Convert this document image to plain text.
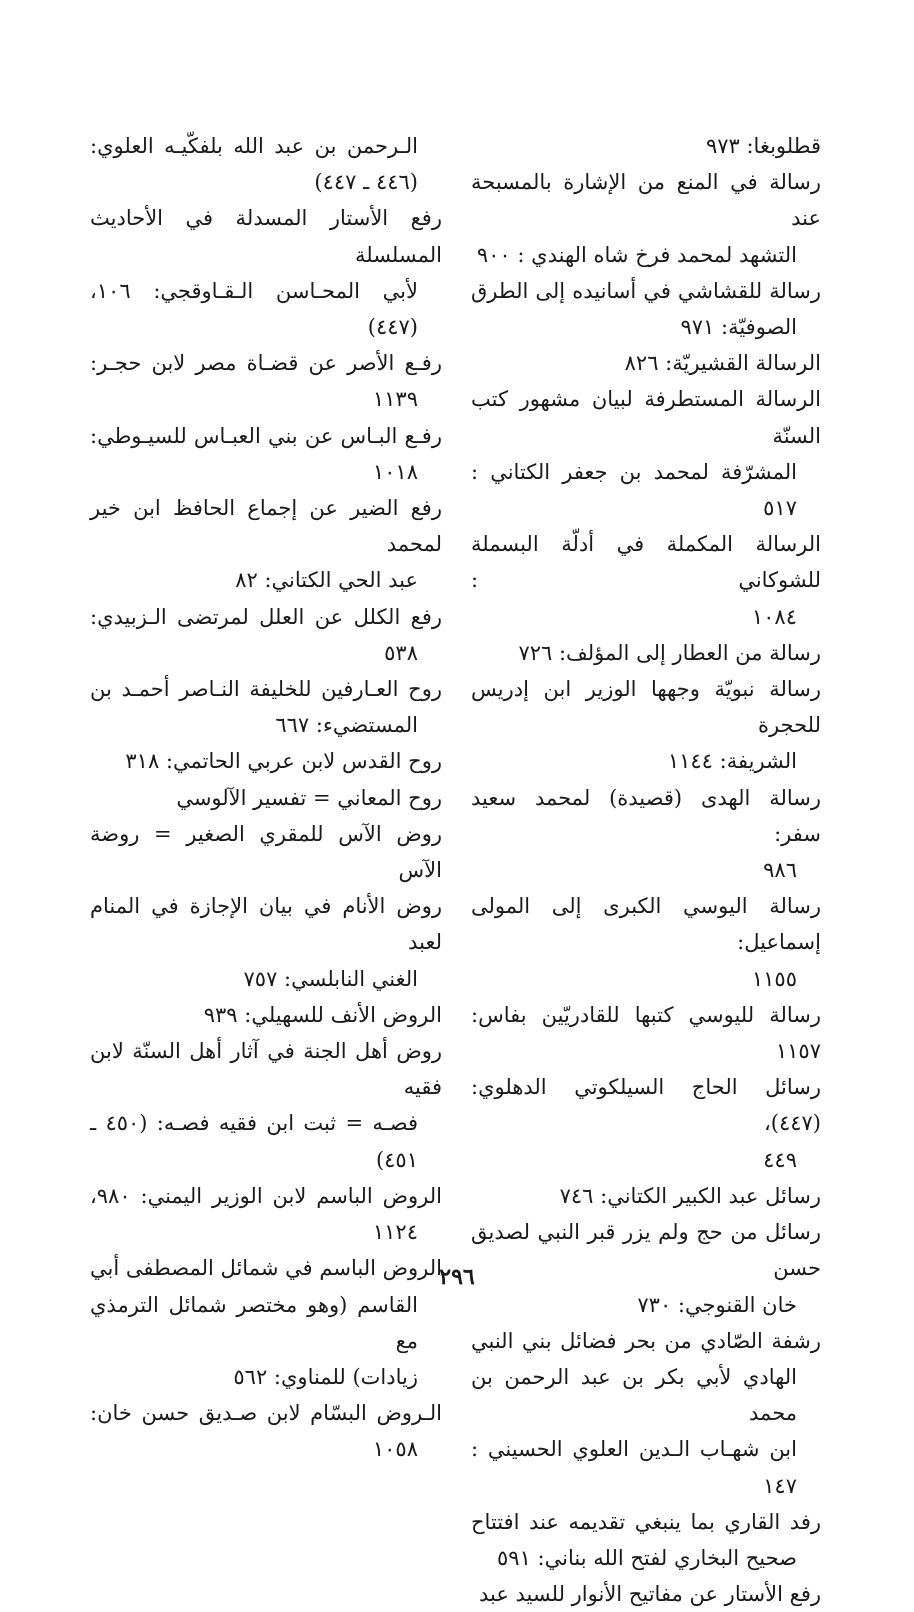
قطلوبغا: ٩٧٣
رسالة في المنع من الإشارة بالمسبحة عند
التشهد لمحمد فرخ شاه الهندي : ٩٠٠
رسالة للقشاشي في أسانيده إلى الطرق
الصوفيّة: ٩٧١
الرسالة القشيريّة: ٨٢٦
الرسالة المستطرفة لبيان مشهور كتب السنّة
المشرّفة لمحمد بن جعفر الكتاني : ٥١٧
الرسالة المكملة في أدلّة البسملة للشوكاني :
١٠٨٤
رسالة من العطار إلى المؤلف: ٧٢٦
رسالة نبويّة وجهها الوزير ابن إدريس للحجرة
الشريفة: ١١٤٤
رسالة الهدى (قصيدة) لمحمد سعيد سفر:
٩٨٦
رسالة اليوسي الكبرى إلى المولى إسماعيل:
١١٥٥
رسالة لليوسي كتبها للقادريّين بفاس: ١١٥٧
رسائل الحاج السيلكوتي الدهلوي: (٤٤٧)،
٤٤٩
رسائل عبد الكبير الكتاني: ٧٤٦
رسائل من حج ولم يزر قبر النبي لصديق حسن
خان القنوجي: ٧٣٠
رشفة الصّادي من بحر فضائل بني النبي
الهادي لأبي بكر بن عبد الرحمن بن محمد
ابن شهـاب الـدين العلوي الحسيني :
١٤٧
رفد القاري بما ينبغي تقديمه عند افتتاح
صحيح البخاري لفتح الله بناني: ٥٩١
رفع الأستار عن مفاتيح الأنوار للسيد عبد
الـرحمن بن عبد الله بلفكّيـه العلوي:
(٤٤٦ ـ ٤٤٧)
رفع الأستار المسدلة في الأحاديث المسلسلة
لأبي المحـاسن الـقـاوقجي: ١٠٦،
(٤٤٧)
رفـع الأصر عن قضـاة مصر لابن حجـر:
١١٣٩
رفـع البـاس عن بني العبـاس للسيـوطي:
١٠١٨
رفع الضير عن إجماع الحافظ ابن خير لمحمد
عبد الحي الكتاني: ٨٢
رفع الكلل عن العلل لمرتضى الـزبيدي:
٥٣٨
روح العـارفين للخليفة النـاصر أحمـد بن
المستضيء: ٦٦٧
روح القدس لابن عربي الحاتمي: ٣١٨
روح المعاني = تفسير الآلوسي
روض الآس للمقري الصغير = روضة الآس
روض الأنام في بيان الإجازة في المنام لعبد
الغني النابلسي: ٧٥٧
الروض الأنف للسهيلي: ٩٣٩
روض أهل الجنة في آثار أهل السنّة لابن فقيه
فصـه = ثبت ابن فقيه فصـه: (٤٥٠ ـ
٤٥١)
الروض الباسم لابن الوزير اليمني: ٩٨٠،
١١٢٤
الروض الباسم في شمائل المصطفى أبي
القاسم (وهو مختصر شمائل الترمذي مع
زيادات) للمناوي: ٥٦٢
الـروض البسّام لابن صـديق حسن خان:
١٠٥٨
٢٩٦
